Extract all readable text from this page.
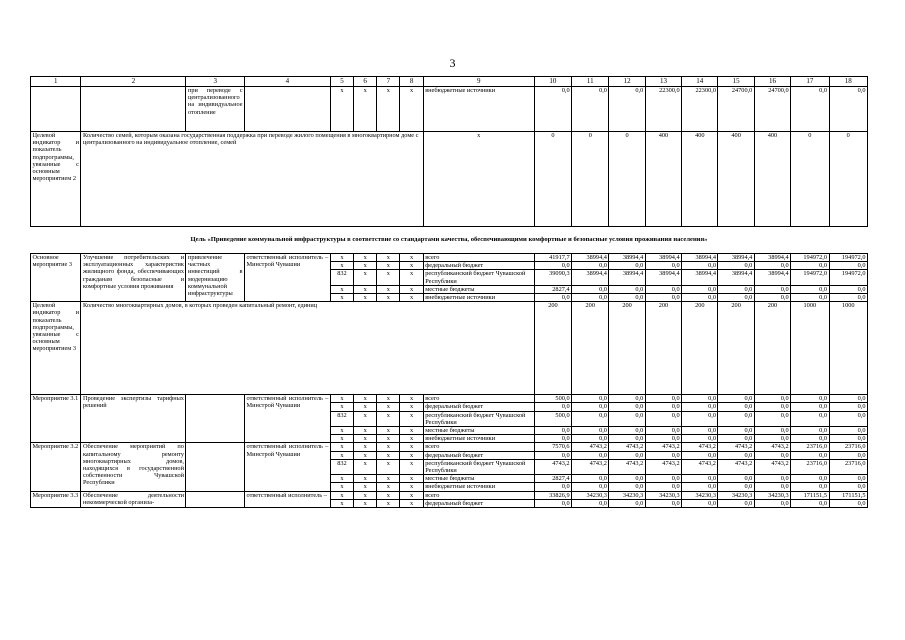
3
1	2	3	4	5	6	7	8	9	10	11	12	13	14	15	16	17	18
		при переводе с централизованного на индивидуальное отопление		х	х	х	х	внебюджетные источники	0,0	0,0	0,0	22300,0	22300,0	24700,0	24700,0	0,0	0,0
Целевой индикатор и показатель подпрограммы, увязанные с основным мероприятием 2	Количество семей, которым оказана государственная поддержка при переводе жилого помещения в многоквартирном доме с централизованного на индивидуальное отопление, семей							х	0	0	0	400	400	400	400	0	0
Цель «Приведение коммунальной инфраструктуры в соответствие со стандартами качества, обеспечивающими комфортные и безопасные условия проживания населения»																	
Основное мероприятие 3	Улучшение потребительских и эксплуатационных характеристик жилищного фонда, обеспечивающих гражданам безопасные и комфортные условия проживания	привлечение частных инвестиций в модернизацию коммунальной инфраструктуры	ответственный исполнитель – Минстрой Чувашии	х	х	х	х	всего	41917,7	38994,4	38994,4	38994,4	38994,4	38994,4	38994,4	194972,0	194972,0
				х	х	х	х	федеральный бюджет	0,0	0,0	0,0	0,0	0,0	0,0	0,0	0,0	0,0
				832	х	х	х	республиканский бюджет Чувашской Республики	39090,3	38994,4	38994,4	38994,4	38994,4	38994,4	38994,4	194972,0	194972,0
				х	х	х	х	местные бюджеты	2827,4	0,0	0,0	0,0	0,0	0,0	0,0	0,0	0,0
				х	х	х	х	внебюджетные источники	0,0	0,0	0,0	0,0	0,0	0,0	0,0	0,0	0,0
Целевой индикатор и показатель подпрограммы, увязанные с основным мероприятием 3	Количество многоквартирных домов, в которых проведен капитальный ремонт, единиц								200	200	200	200	200	200	200	1000	1000
Мероприятие 3.1	Проведение экспертизы тарифных решений		ответственный исполнитель – Минстрой Чувашии	х	х	х	х	всего	500,0	0,0	0,0	0,0	0,0	0,0	0,0	0,0	0,0
				х	х	х	х	федеральный бюджет	0,0	0,0	0,0	0,0	0,0	0,0	0,0	0,0	0,0
				832	х	х	х	республиканский бюджет Чувашской Республики	500,0	0,0	0,0	0,0	0,0	0,0	0,0	0,0	0,0
				х	х	х	х	местные бюджеты	0,0	0,0	0,0	0,0	0,0	0,0	0,0	0,0	0,0
				х	х	х	х	внебюджетные источники	0,0	0,0	0,0	0,0	0,0	0,0	0,0	0,0	0,0
Мероприятие 3.2	Обеспечение мероприятий по капитальному ремонту многоквартирных домов, находящихся в государственной собственности Чувашской Республики		ответственный исполнитель – Минстрой Чувашии	х	х	х	х	всего	7570,6	4743,2	4743,2	4743,2	4743,2	4743,2	4743,2	23716,0	23716,0
				х	х	х	х	федеральный бюджет	0,0	0,0	0,0	0,0	0,0	0,0	0,0	0,0	0,0
				832	х	х	х	республиканский бюджет Чувашской Республики	4743,2	4743,2	4743,2	4743,2	4743,2	4743,2	4743,2	23716,0	23716,0
				х	х	х	х	местные бюджеты	2827,4	0,0	0,0	0,0	0,0	0,0	0,0	0,0	0,0
				х	х	х	х	внебюджетные источники	0,0	0,0	0,0	0,0	0,0	0,0	0,0	0,0	0,0
Мероприятие 3.3	Обеспечение деятельности некоммерческой организа-		ответственный исполнитель –	х	х	х	х	всего	33826,9	34230,3	34230,3	34230,3	34230,3	34230,3	34230,3	171151,5	171151,5
				х	х	х	х	федеральный бюджет	0,0	0,0	0,0	0,0	0,0	0,0	0,0	0,0	0,0
